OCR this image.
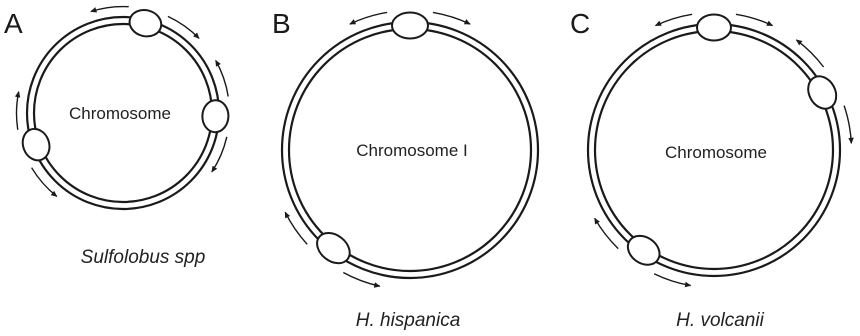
A
Chromosome
Sulfolobus spp
B
Chromosome I
H. hispanica
C
Chromosome
H. volcanii
